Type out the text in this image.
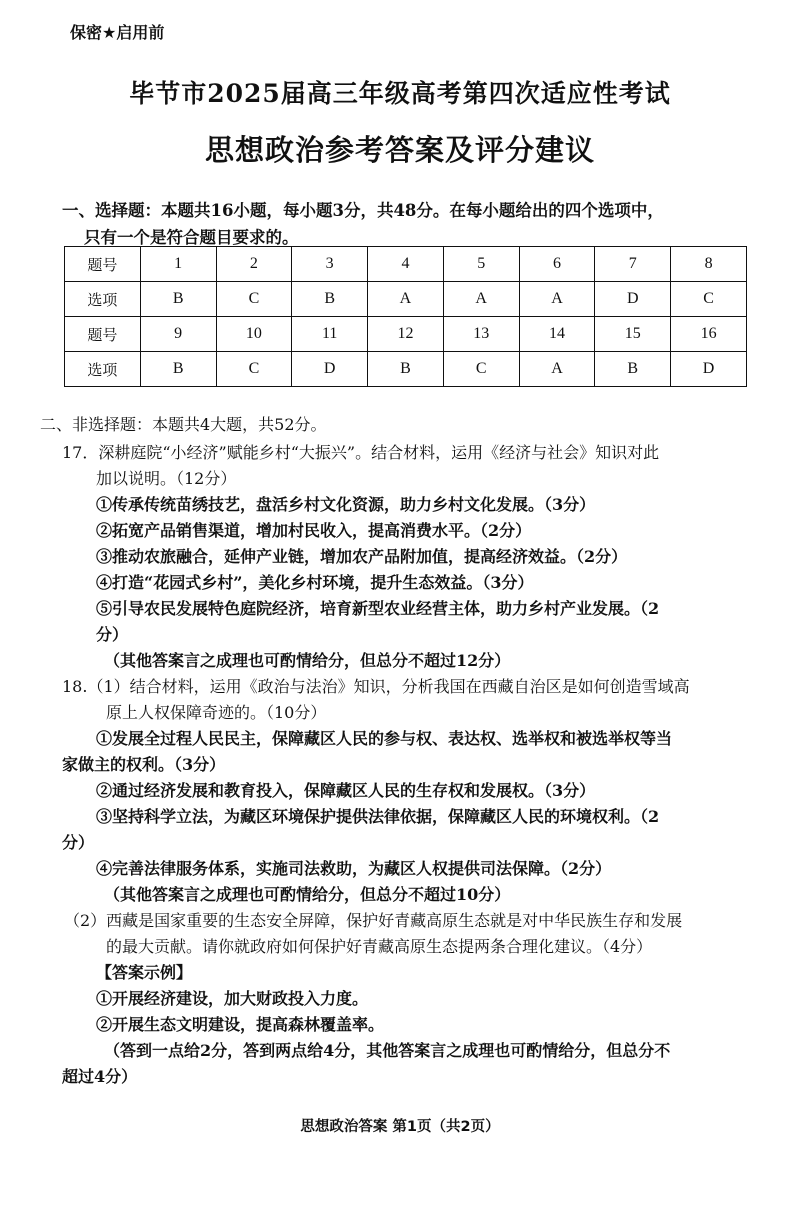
保密★启用前
毕节市2025届高三年级高考第四次适应性考试
思想政治参考答案及评分建议
一、选择题：本题共16小题，每小题3分，共48分。在每小题给出的四个选项中，
只有一个是符合题目要求的。
题号	1	2	3	4	5	6	7	8
选项	B	C	B	A	A	A	D	C
题号	9	10	11	12	13	14	15	16
选项	B	C	D	B	C	A	B	D
二、非选择题：本题共4大题，共52分。
17．深耕庭院“小经济”赋能乡村“大振兴”。结合材料，运用《经济与社会》知识对此
加以说明。（12分）
①传承传统苗绣技艺，盘活乡村文化资源，助力乡村文化发展。（3分）
②拓宽产品销售渠道，增加村民收入，提高消费水平。（2分）
③推动农旅融合，延伸产业链，增加农产品附加值，提高经济效益。（2分）
④打造“花园式乡村”，美化乡村环境，提升生态效益。（3分）
⑤引导农民发展特色庭院经济，培育新型农业经营主体，助力乡村产业发展。（2
分）
（其他答案言之成理也可酌情给分，但总分不超过12分）
18.（1）结合材料，运用《政治与法治》知识，分析我国在西藏自治区是如何创造雪域高
原上人权保障奇迹的。（10分）
①发展全过程人民民主，保障藏区人民的参与权、表达权、选举权和被选举权等当
家做主的权利。（3分）
②通过经济发展和教育投入，保障藏区人民的生存权和发展权。（3分）
③坚持科学立法，为藏区环境保护提供法律依据，保障藏区人民的环境权利。（2
分）
④完善法律服务体系，实施司法救助，为藏区人权提供司法保障。（2分）
（其他答案言之成理也可酌情给分，但总分不超过10分）
（2）西藏是国家重要的生态安全屏障，保护好青藏高原生态就是对中华民族生存和发展
的最大贡献。请你就政府如何保护好青藏高原生态提两条合理化建议。（4分）
【答案示例】
①开展经济建设，加大财政投入力度。
②开展生态文明建设，提高森林覆盖率。
（答到一点给2分，答到两点给4分，其他答案言之成理也可酌情给分，但总分不
超过4分）
思想政治答案 第1页（共2页）
